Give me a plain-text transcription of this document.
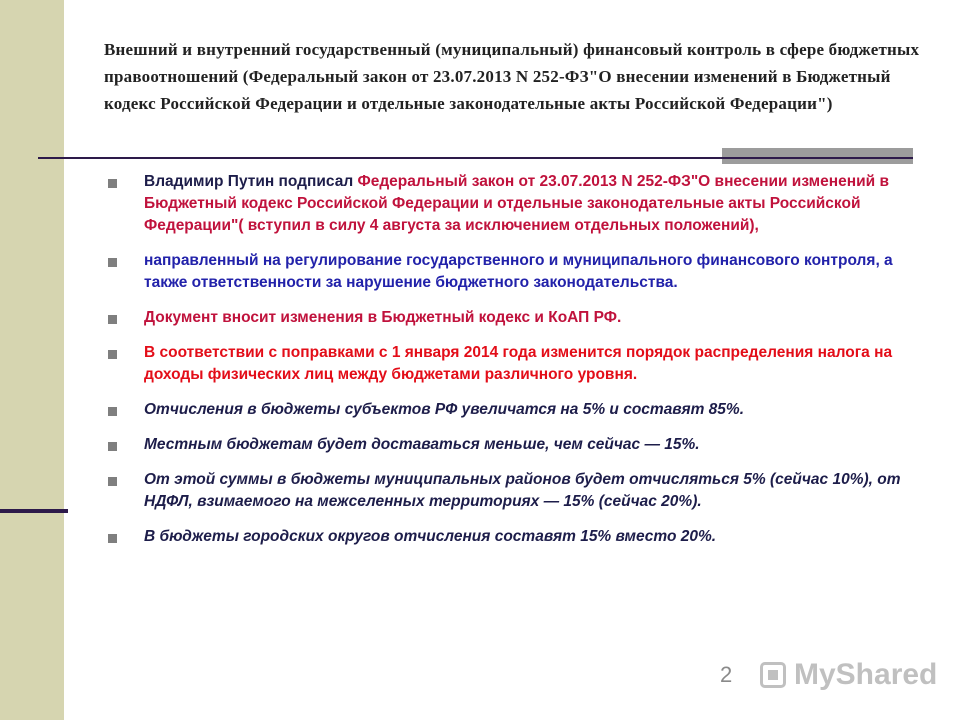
Внешний и внутренний государственный (муниципальный) финансовый контроль в сфере бюджетных правоотношений (Федеральный закон от 23.07.2013 N 252-ФЗ"О внесении изменений в Бюджетный кодекс Российской Федерации и отдельные законодательные акты Российской Федерации")
Владимир Путин подписал Федеральный закон от 23.07.2013 N 252-ФЗ"О внесении изменений в Бюджетный кодекс Российской Федерации и отдельные законодательные акты Российской Федерации"( вступил в силу 4 августа за исключением отдельных положений),
направленный на регулирование государственного и муниципального финансового контроля, а также ответственности за нарушение бюджетного законодательства.
Документ вносит изменения в Бюджетный кодекс и КоАП РФ.
В соответствии с поправками с 1 января 2014 года изменится порядок распределения налога на доходы физических лиц между бюджетами различного уровня.
Отчисления в бюджеты субъектов РФ увеличатся на 5% и составят 85%.
Местным бюджетам будет доставаться меньше, чем сейчас — 15%.
От этой суммы в бюджеты муниципальных районов будет отчисляться 5% (сейчас 10%), от НДФЛ, взимаемого на межселенных территориях — 15% (сейчас 20%).
В бюджеты городских округов отчисления составят 15% вместо 20%.

2 MyShared
